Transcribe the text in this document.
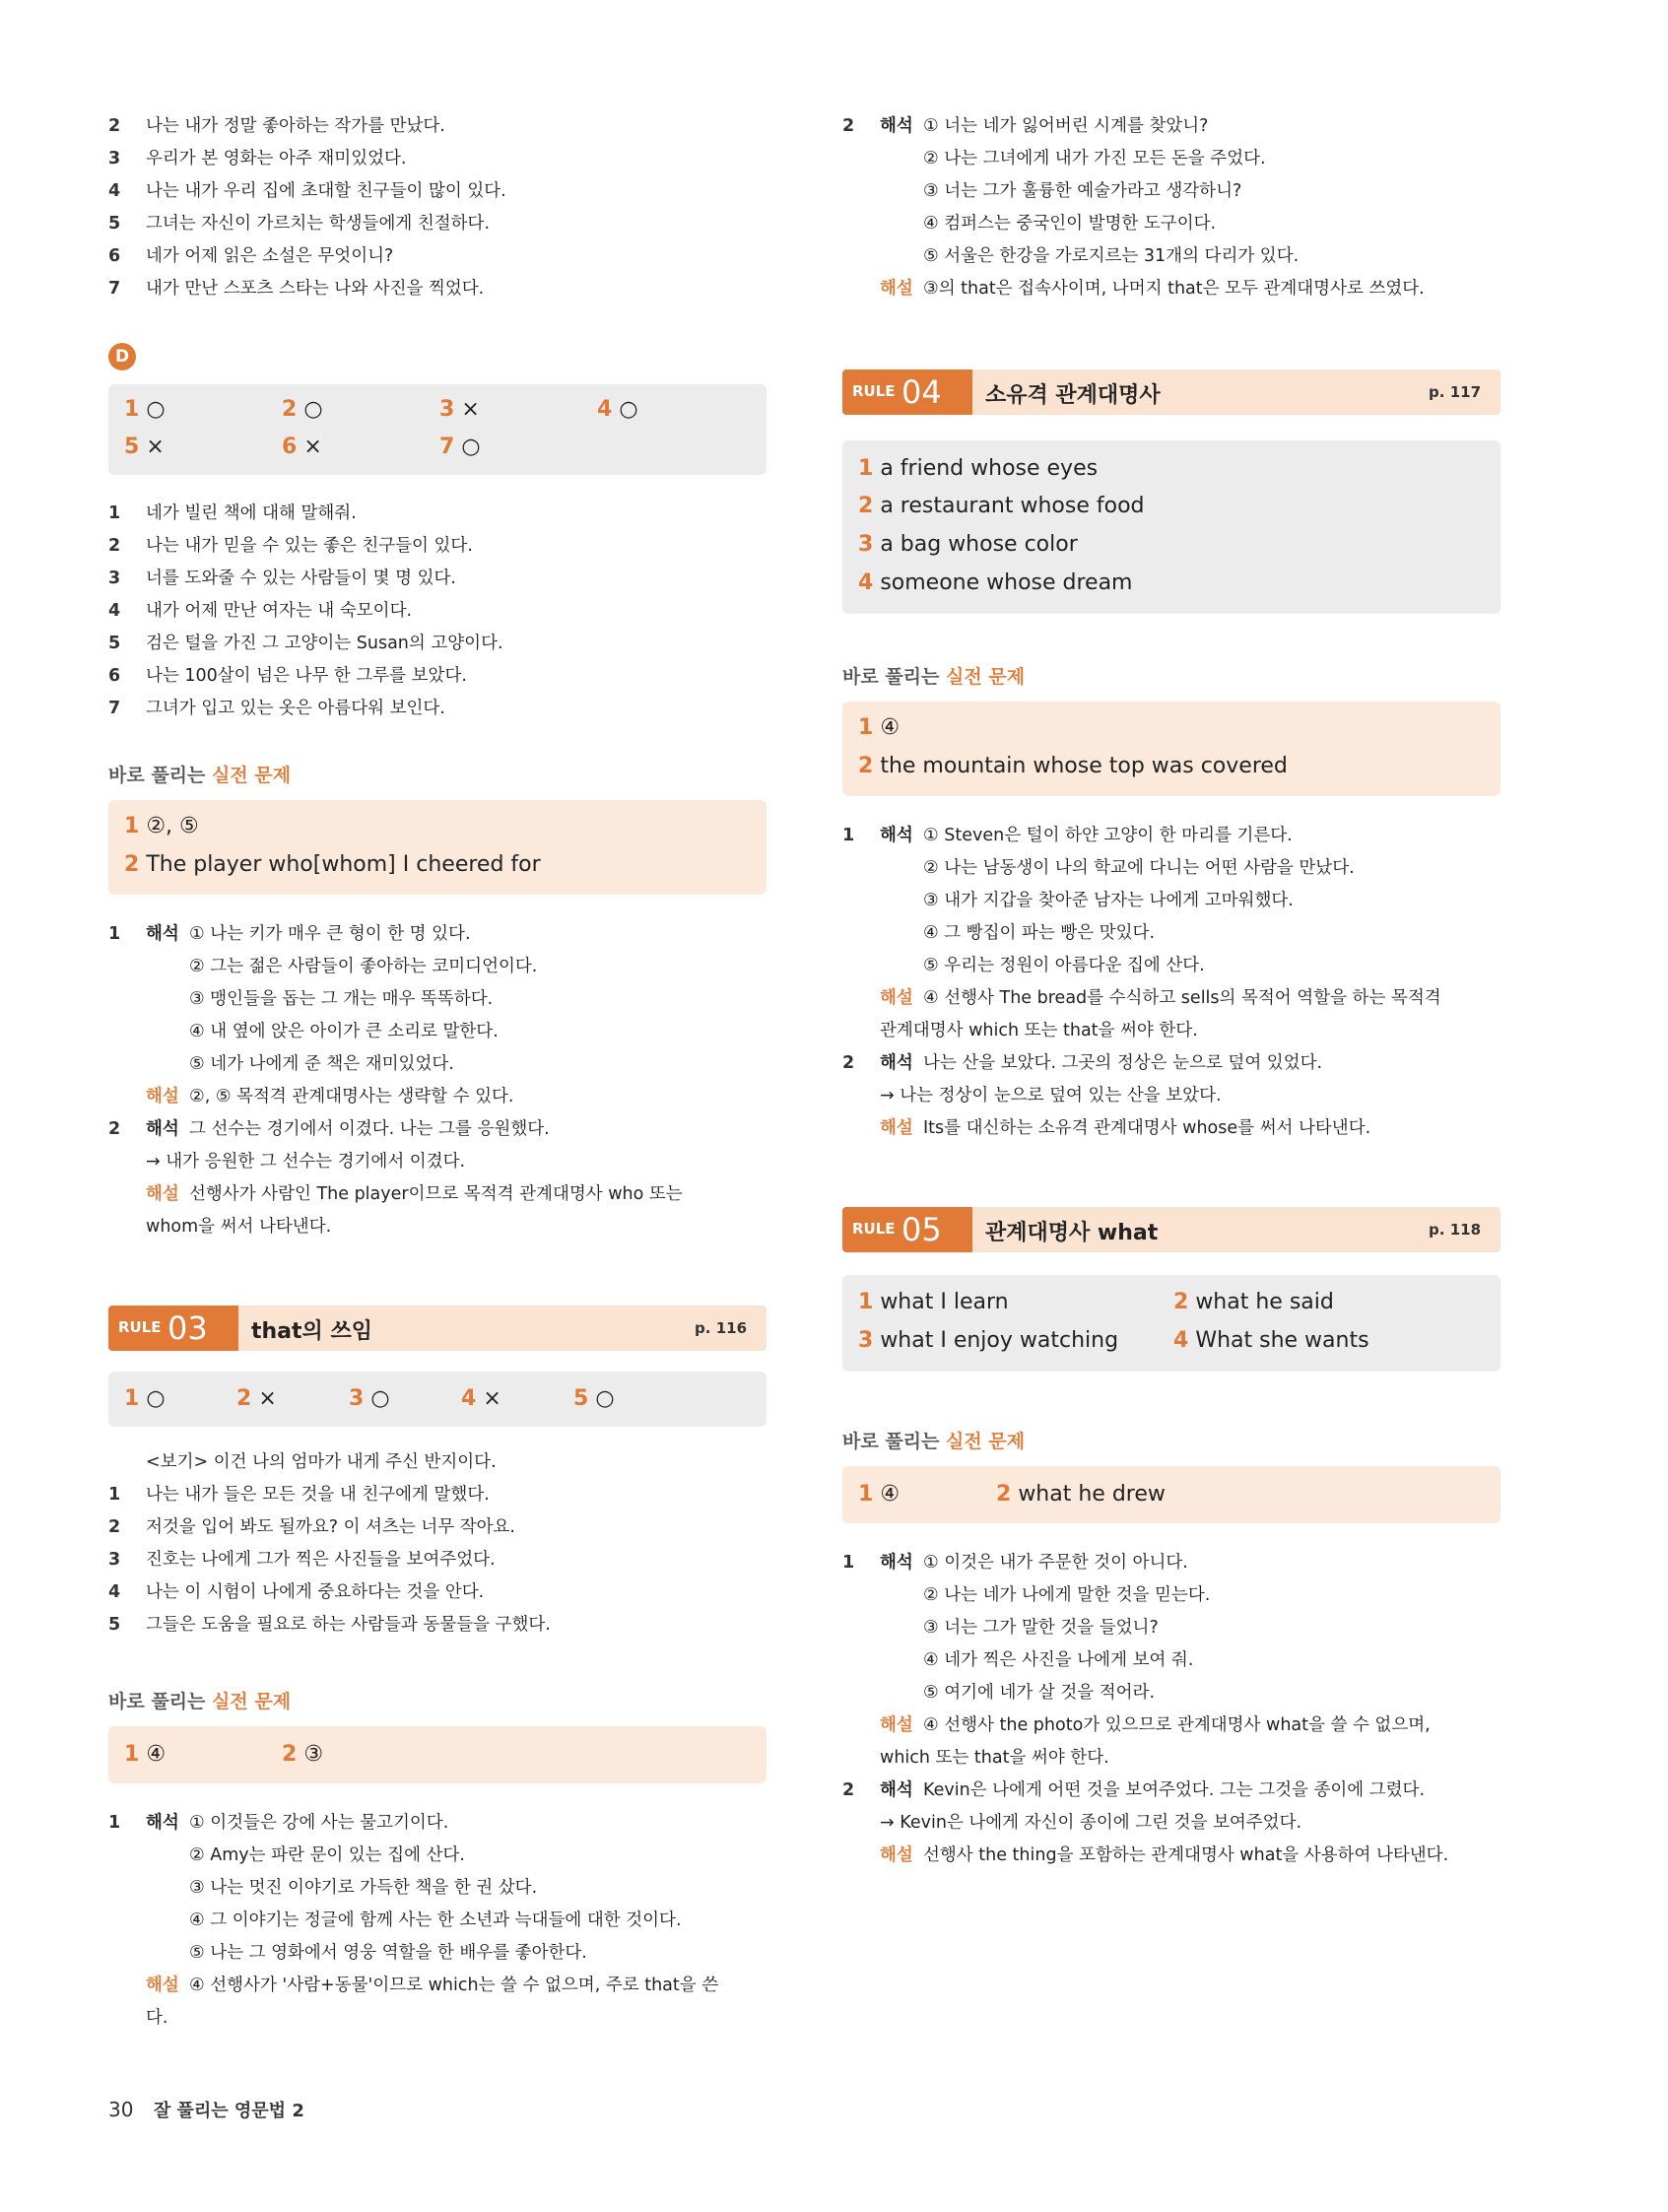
2 나는 내가 정말 좋아하는 작가를 만났다.
3 우리가 본 영화는 아주 재미있었다.
4 나는 내가 우리 집에 초대할 친구들이 많이 있다.
5 그녀는 자신이 가르치는 학생들에게 친절하다.
6 네가 어제 읽은 소설은 무엇이니?
7 내가 만난 스포츠 스타는 나와 사진을 찍었다.
D
1 ○	2 ○	3 ×	4 ○
5 ×	6 ×	7 ○
1 네가 빌린 책에 대해 말해줘.
2 나는 내가 믿을 수 있는 좋은 친구들이 있다.
3 너를 도와줄 수 있는 사람들이 몇 명 있다.
4 내가 어제 만난 여자는 내 숙모이다.
5 검은 털을 가진 그 고양이는 Susan의 고양이다.
6 나는 100살이 넘은 나무 한 그루를 보았다.
7 그녀가 입고 있는 옷은 아름다워 보인다.
바로 풀리는 실전 문제
1 ②, ⑤
2 The player who[whom] I cheered for
1 해석 ① 나는 키가 매우 큰 형이 한 명 있다.
② 그는 젊은 사람들이 좋아하는 코미디언이다.
③ 맹인들을 돕는 그 개는 매우 똑똑하다.
④ 내 옆에 앉은 아이가 큰 소리로 말한다.
⑤ 네가 나에게 준 책은 재미있었다.
해설 ②, ⑤ 목적격 관계대명사는 생략할 수 있다.
2 해석 그 선수는 경기에서 이겼다. 나는 그를 응원했다.
→ 내가 응원한 그 선수는 경기에서 이겼다.
해설 선행사가 사람인 The player이므로 목적격 관계대명사 who 또는
whom을 써서 나타낸다.
RULE 03 that의 쓰임	p. 116
1 ○	2 ×	3 ○	4 ×	5 ○
<보기> 이건 나의 엄마가 내게 주신 반지이다.
1 나는 내가 들은 모든 것을 내 친구에게 말했다.
2 저것을 입어 봐도 될까요? 이 셔츠는 너무 작아요.
3 진호는 나에게 그가 찍은 사진들을 보여주었다.
4 나는 이 시험이 나에게 중요하다는 것을 안다.
5 그들은 도움을 필요로 하는 사람들과 동물들을 구했다.
바로 풀리는 실전 문제
1 ④	2 ③
1 해석 ① 이것들은 강에 사는 물고기이다.
② Amy는 파란 문이 있는 집에 산다.
③ 나는 멋진 이야기로 가득한 책을 한 권 샀다.
④ 그 이야기는 정글에 함께 사는 한 소년과 늑대들에 대한 것이다.
⑤ 나는 그 영화에서 영웅 역할을 한 배우를 좋아한다.
해설 ④ 선행사가 '사람+동물'이므로 which는 쓸 수 없으며, 주로 that을 쓴
다.
2 해석 ① 너는 네가 잃어버린 시계를 찾았니?
② 나는 그녀에게 내가 가진 모든 돈을 주었다.
③ 너는 그가 훌륭한 예술가라고 생각하니?
④ 컴퍼스는 중국인이 발명한 도구이다.
⑤ 서울은 한강을 가로지르는 31개의 다리가 있다.
해설 ③의 that은 접속사이며, 나머지 that은 모두 관계대명사로 쓰였다.
RULE 04 소유격 관계대명사	p. 117
1 a friend whose eyes
2 a restaurant whose food
3 a bag whose color
4 someone whose dream
바로 풀리는 실전 문제
1 ④
2 the mountain whose top was covered
1 해석 ① Steven은 털이 하얀 고양이 한 마리를 기른다.
② 나는 남동생이 나의 학교에 다니는 어떤 사람을 만났다.
③ 내가 지갑을 찾아준 남자는 나에게 고마워했다.
④ 그 빵집이 파는 빵은 맛있다.
⑤ 우리는 정원이 아름다운 집에 산다.
해설 ④ 선행사 The bread를 수식하고 sells의 목적어 역할을 하는 목적격
관계대명사 which 또는 that을 써야 한다.
2 해석 나는 산을 보았다. 그곳의 정상은 눈으로 덮여 있었다.
→ 나는 정상이 눈으로 덮여 있는 산을 보았다.
해설 Its를 대신하는 소유격 관계대명사 whose를 써서 나타낸다.
RULE 05 관계대명사 what	p. 118
1 what I learn	2 what he said
3 what I enjoy watching	4 What she wants
바로 풀리는 실전 문제
1 ④	2 what he drew
1 해석 ① 이것은 내가 주문한 것이 아니다.
② 나는 네가 나에게 말한 것을 믿는다.
③ 너는 그가 말한 것을 들었니?
④ 네가 찍은 사진을 나에게 보여 줘.
⑤ 여기에 네가 살 것을 적어라.
해설 ④ 선행사 the photo가 있으므로 관계대명사 what을 쓸 수 없으며,
which 또는 that을 써야 한다.
2 해석 Kevin은 나에게 어떤 것을 보여주었다. 그는 그것을 종이에 그렸다.
→ Kevin은 나에게 자신이 종이에 그린 것을 보여주었다.
해설 선행사 the thing을 포함하는 관계대명사 what을 사용하여 나타낸다.
30 잘 풀리는 영문법 2
